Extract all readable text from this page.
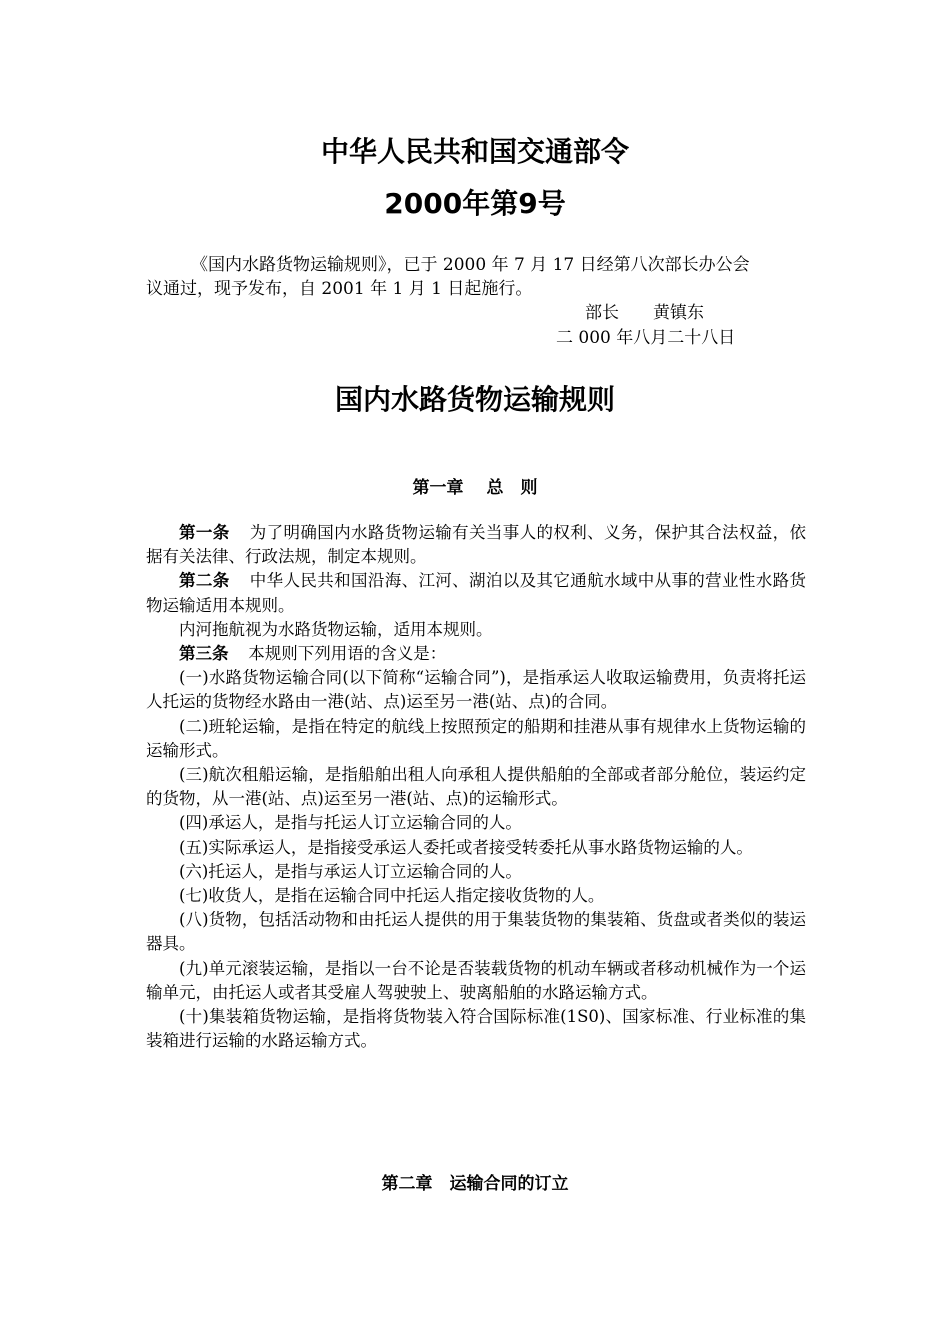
中华人民共和国交通部令
2000年第9号
《国内水路货物运输规则》，已于 2000 年 7 月 17 日经第八次部长办公会
议通过，现予发布，自 2001 年 1 月 1 日起施行。
部长　　黄镇东
二 000 年八月二十八日
国内水路货物运输规则
第一章　 总　则

第一条 为了明确国内水路货物运输有关当事人的权利、义务，保护其合法权益，依据有关法律、行政法规，制定本规则。

第二条 中华人民共和国沿海、江河、湖泊以及其它通航水域中从事的营业性水路货物运输适用本规则。

内河拖航视为水路货物运输，适用本规则。

第三条 本规则下列用语的含义是：

(一)水路货物运输合同(以下简称“运输合同”)，是指承运人收取运输费用，负责将托运人托运的货物经水路由一港(站、点)运至另一港(站、点)的合同。

(二)班轮运输，是指在特定的航线上按照预定的船期和挂港从事有规律水上货物运输的运输形式。

(三)航次租船运输，是指船舶出租人向承租人提供船舶的全部或者部分舱位，装运约定的货物，从一港(站、点)运至另一港(站、点)的运输形式。

(四)承运人，是指与托运人订立运输合同的人。

(五)实际承运人，是指接受承运人委托或者接受转委托从事水路货物运输的人。

(六)托运人，是指与承运人订立运输合同的人。

(七)收货人，是指在运输合同中托运人指定接收货物的人。

(八)货物，包括活动物和由托运人提供的用于集装货物的集装箱、货盘或者类似的装运器具。

(九)单元滚装运输，是指以一台不论是否装载货物的机动车辆或者移动机械作为一个运输单元，由托运人或者其受雇人驾驶驶上、驶离船舶的水路运输方式。

(十)集装箱货物运输，是指将货物装入符合国际标准(1S0)、国家标准、行业标准的集装箱进行运输的水路运输方式。

第二章　运输合同的订立
